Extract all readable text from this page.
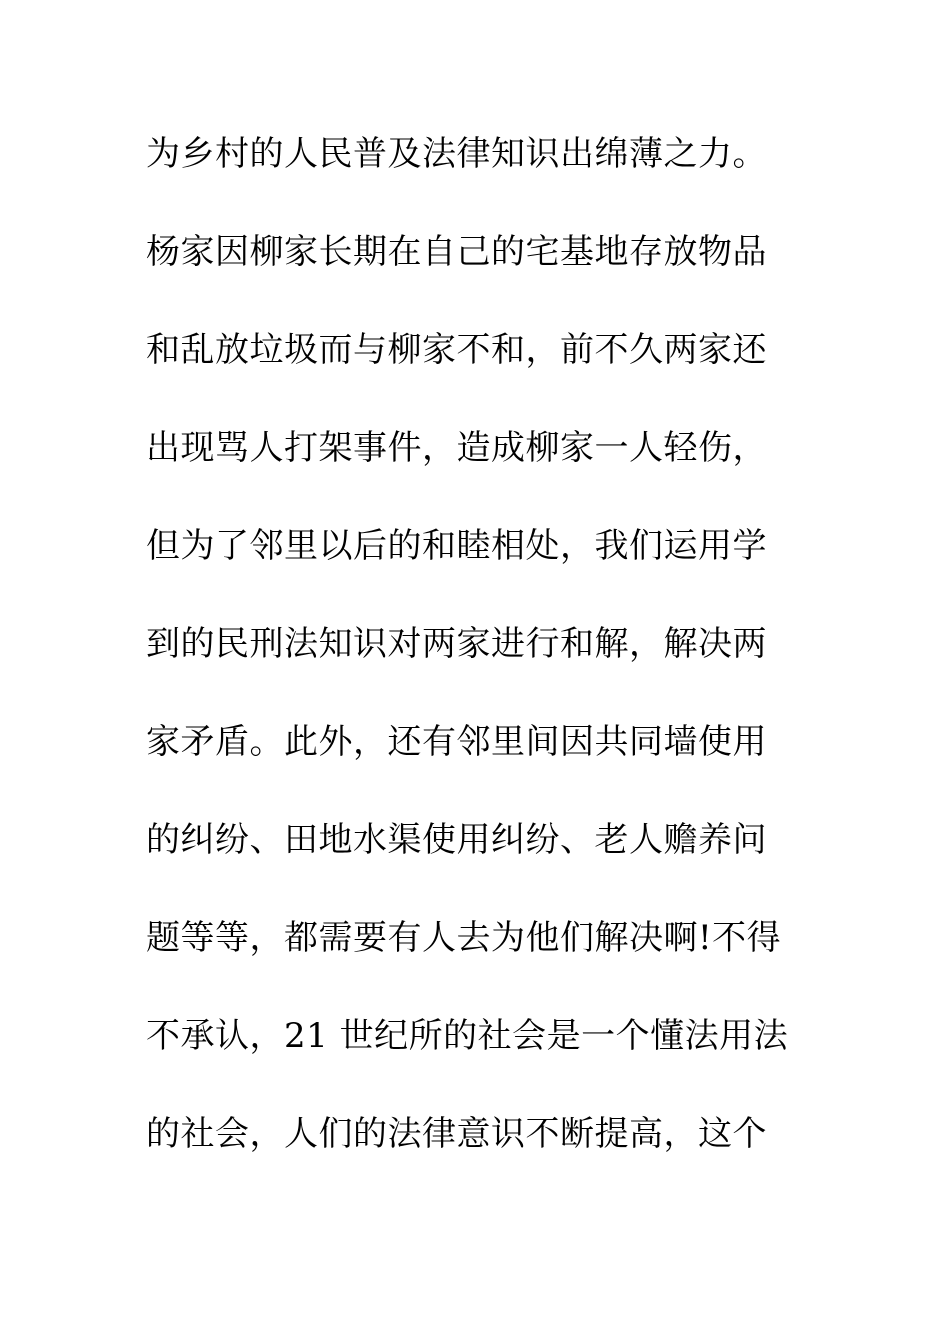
为乡村的人民普及法律知识出绵薄之力。
杨家因柳家长期在自己的宅基地存放物品
和乱放垃圾而与柳家不和，前不久两家还
出现骂人打架事件，造成柳家一人轻伤，
但为了邻里以后的和睦相处，我们运用学
到的民刑法知识对两家进行和解，解决两
家矛盾。此外，还有邻里间因共同墙使用
的纠纷、田地水渠使用纠纷、老人赡养问
题等等，都需要有人去为他们解决啊!不得
不承认，21 世纪所的社会是一个懂法用法
的社会，人们的法律意识不断提高，这个
